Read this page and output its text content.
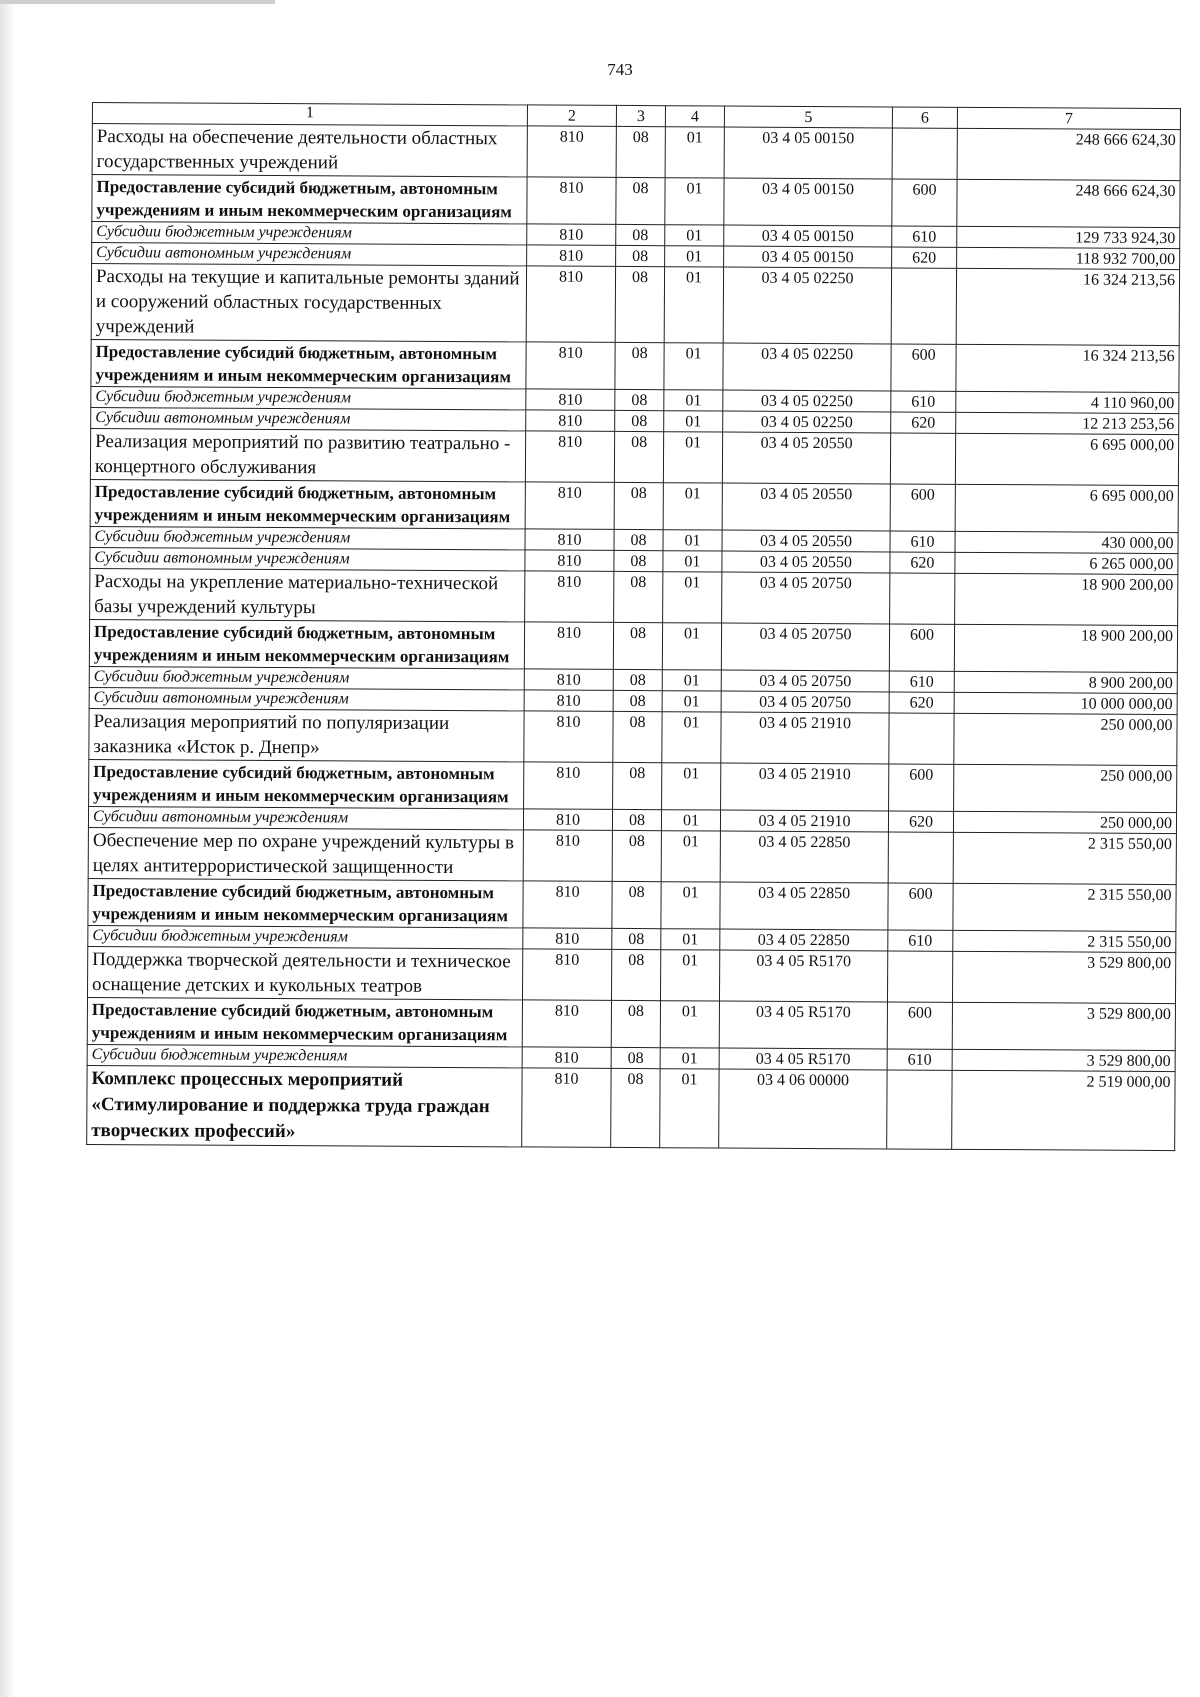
743
1	2	3	4	5	6	7
Расходы на обеспечение деятельности областных государственных учреждений	810	08	01	03 4 05 00150		248 666 624,30
Предоставление субсидий бюджетным, автономным учреждениям и иным некоммерческим организациям	810	08	01	03 4 05 00150	600	248 666 624,30
Субсидии бюджетным учреждениям	810	08	01	03 4 05 00150	610	129 733 924,30
Субсидии автономным учреждениям	810	08	01	03 4 05 00150	620	118 932 700,00
Расходы на текущие и капитальные ремонты зданий и сооружений областных государственных учреждений	810	08	01	03 4 05 02250		16 324 213,56
Предоставление субсидий бюджетным, автономным учреждениям и иным некоммерческим организациям	810	08	01	03 4 05 02250	600	16 324 213,56
Субсидии бюджетным учреждениям	810	08	01	03 4 05 02250	610	4 110 960,00
Субсидии автономным учреждениям	810	08	01	03 4 05 02250	620	12 213 253,56
Реализация мероприятий по развитию театрально - концертного обслуживания	810	08	01	03 4 05 20550		6 695 000,00
Предоставление субсидий бюджетным, автономным учреждениям и иным некоммерческим организациям	810	08	01	03 4 05 20550	600	6 695 000,00
Субсидии бюджетным учреждениям	810	08	01	03 4 05 20550	610	430 000,00
Субсидии автономным учреждениям	810	08	01	03 4 05 20550	620	6 265 000,00
Расходы на укрепление материально-технической базы учреждений культуры	810	08	01	03 4 05 20750		18 900 200,00
Предоставление субсидий бюджетным, автономным учреждениям и иным некоммерческим организациям	810	08	01	03 4 05 20750	600	18 900 200,00
Субсидии бюджетным учреждениям	810	08	01	03 4 05 20750	610	8 900 200,00
Субсидии автономным учреждениям	810	08	01	03 4 05 20750	620	10 000 000,00
Реализация мероприятий по популяризации заказника «Исток р. Днепр»	810	08	01	03 4 05 21910		250 000,00
Предоставление субсидий бюджетным, автономным учреждениям и иным некоммерческим организациям	810	08	01	03 4 05 21910	600	250 000,00
Субсидии автономным учреждениям	810	08	01	03 4 05 21910	620	250 000,00
Обеспечение мер по охране учреждений культуры в целях антитеррористической защищенности	810	08	01	03 4 05 22850		2 315 550,00
Предоставление субсидий бюджетным, автономным учреждениям и иным некоммерческим организациям	810	08	01	03 4 05 22850	600	2 315 550,00
Субсидии бюджетным учреждениям	810	08	01	03 4 05 22850	610	2 315 550,00
Поддержка творческой деятельности и техническое оснащение детских и кукольных театров	810	08	01	03 4 05 R5170		3 529 800,00
Предоставление субсидий бюджетным, автономным учреждениям и иным некоммерческим организациям	810	08	01	03 4 05 R5170	600	3 529 800,00
Субсидии бюджетным учреждениям	810	08	01	03 4 05 R5170	610	3 529 800,00
Комплекс процессных мероприятий «Стимулирование и поддержка труда граждан творческих профессий»	810	08	01	03 4 06 00000		2 519 000,00
